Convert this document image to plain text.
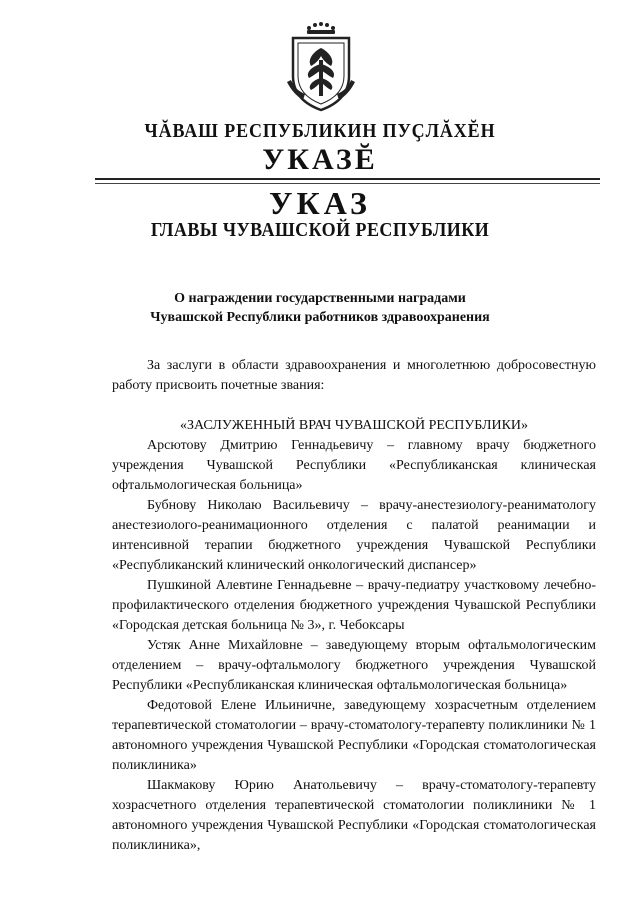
ЧĂВАШ РЕСПУБЛИКИН ПУҪЛĂХĔН
УКАЗĔ
УКАЗ
ГЛАВЫ ЧУВАШСКОЙ РЕСПУБЛИКИ
О награждении государственными наградами
Чувашской Республики работников здравоохранения

За заслуги в области здравоохранения и многолетнюю добросовестную работу присвоить почетные звания:

«ЗАСЛУЖЕННЫЙ ВРАЧ ЧУВАШСКОЙ РЕСПУБЛИКИ»

Арсютову Дмитрию Геннадьевичу – главному врачу бюджетного учреждения Чувашской Республики «Республиканская клиническая офтальмологическая больница»

Бубнову Николаю Васильевичу – врачу-анестезиологу-реаниматологу анестезиолого-реанимационного отделения с палатой реанимации и интенсивной терапии бюджетного учреждения Чувашской Республики «Республиканский клинический онкологический диспансер»

Пушкиной Алевтине Геннадьевне – врачу-педиатру участковому лечебно-профилактического отделения бюджетного учреждения Чувашской Республики «Городская детская больница № 3», г. Чебоксары

Устяк Анне Михайловне – заведующему вторым офтальмологическим отделением – врачу-офтальмологу бюджетного учреждения Чувашской Республики «Республиканская клиническая офтальмологическая больница»

Федотовой Елене Ильиничне, заведующему хозрасчетным отделением терапевтической стоматологии – врачу-стоматологу-терапевту поликлиники № 1 автономного учреждения Чувашской Республики «Городская стоматологическая поликлиника»

Шакмакову Юрию Анатольевичу – врачу-стоматологу-терапевту хозрасчетного отделения терапевтической стоматологии поликлиники № 1 автономного учреждения Чувашской Республики «Городская стоматологическая поликлиника»,
